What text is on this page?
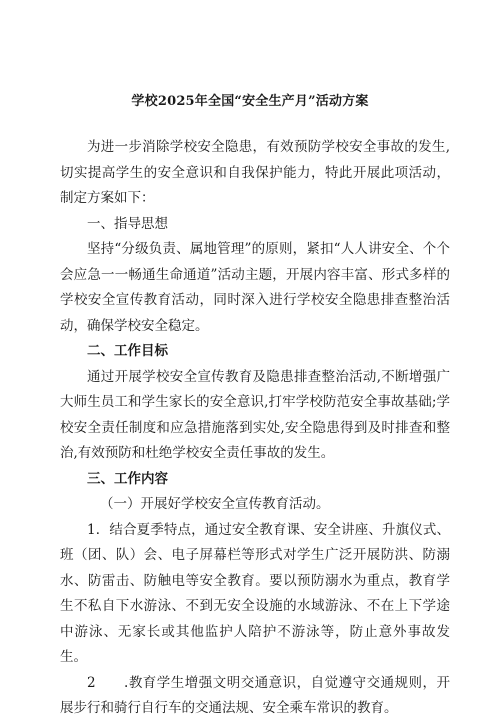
学校2025年全国“安全生产月”活动方案

为进一步消除学校安全隐患，有效预防学校安全事故的发生,切实提高学生的安全意识和自我保护能力，特此开展此项活动，制定方案如下：

一、指导思想

坚持“分级负责、属地管理”的原则，紧扣“人人讲安全、个个会应急一一畅通生命通道”活动主题，开展内容丰富、形式多样的学校安全宣传教育活动，同时深入进行学校安全隐患排查整治活动，确保学校安全稳定。

二、工作目标

通过开展学校安全宣传教育及隐患排查整治活动,不断增强广大师生员工和学生家长的安全意识,打牢学校防范安全事故基础;学校安全责任制度和应急措施落到实处,安全隐患得到及时排查和整治,有效预防和杜绝学校安全责任事故的发生。

三、工作内容

（一）开展好学校安全宣传教育活动。

1．结合夏季特点，通过安全教育课、安全讲座、升旗仪式、班（团、队）会、电子屏幕栏等形式对学生广泛开展防洪、防溺水、防雷击、防触电等安全教育。要以预防溺水为重点，教育学生不私自下水游泳、不到无安全设施的水域游泳、不在上下学途中游泳、无家长或其他监护人陪护不游泳等，防止意外事故发生。

2　　.教育学生增强文明交通意识，自觉遵守交通规则，开展步行和骑行自行车的交通法规、安全乘车常识的教育。
